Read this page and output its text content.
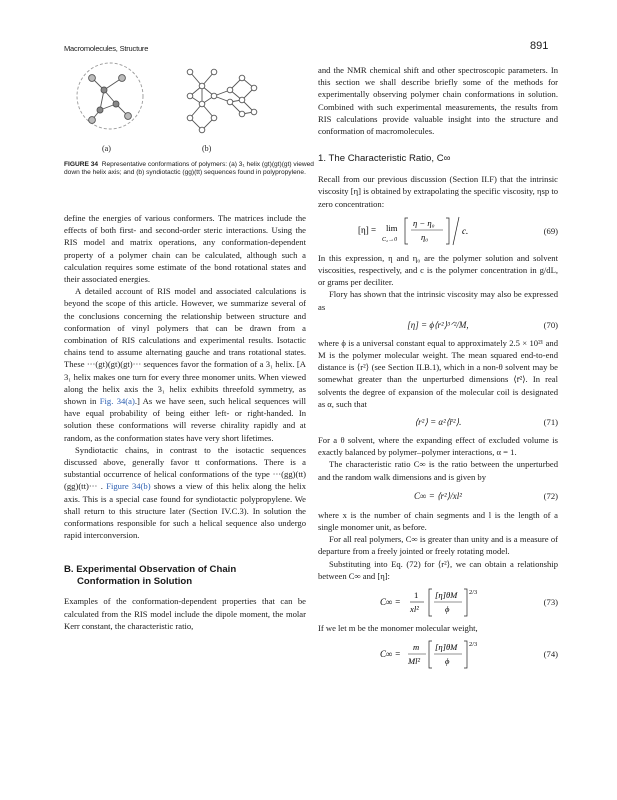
Macromolecules, Structure	891
(a)	(b)
FIGURE 34 Representative conformations of polymers: (a) 3₁ helix (gt)(gt)(gt) viewed down the helix axis; and (b) syndiotactic (gg)(tt) sequences found in polypropylene.

define the energies of various conformers. The matrices include the effects of both first- and second-order steric interactions. Using the RIS model and matrix operations, any conformation-dependent property of a polymer chain can be calculated, although such a calculation requires some estimate of the bond rotational states and their associated energies.

A detailed account of RIS model and associated calculations is beyond the scope of this article. However, we summarize several of the conclusions concerning the relationship between structure and conformation of vinyl polymers that can be drawn from a combination of RIS calculations and experimental results. Isotactic chains tend to assume alternating gauche and trans rotational states. These ···(gt)(gt)(gt)··· sequences favor the formation of a 3₁ helix. [A 3₁ helix makes one turn for every three monomer units. When viewed along the helix axis the 3₁ helix exhibits threefold symmetry, as shown in Fig. 34(a).] As we have seen, such helical sequences will have equal probability of being either left- or right-handed. In solution these conformations will reverse chirality rapidly and at random, as the conformation states have very short lifetimes.

Syndiotactic chains, in contrast to the isotactic sequences discussed above, generally favor tt conformations. There is a substantial occurrence of helical conformations of the type ···(gg)(tt) (gg)(tt)··· . Figure 34(b) shows a view of this helix along the helix axis. This is a special case found for syndiotactic polypropylene. We shall return to this structure later (Section IV.C.3). In solution the conformations responsible for such a helical sequence also undergo rapid interconversion.

B. Experimental Observation of Chain
Conformation in Solution

Examples of the conformation-dependent properties that can be calculated from the RIS model include the dipole moment, the molar Kerr constant, the characteristic ratio,

and the NMR chemical shift and other spectroscopic parameters. In this section we shall describe briefly some of the methods for experimentally observing polymer chain conformations in solution. Combined with such experimental measurements, the results from RIS calculations provide valuable insight into the structure and conformation of macromolecules.

1. The Characteristic Ratio, C∞

Recall from our previous discussion (Section II.F) that the intrinsic viscosity [η] is obtained by extrapolating the specific viscosity, ηsp to zero concentration:

[η] = lim
C₂→0
η − η₀
η₀
c.	(69)

In this expression, η and η₀ are the polymer solution and solvent viscosities, respectively, and c is the polymer concentration in g/dL, or grams per deciliter.

Flory has shown that the intrinsic viscosity may also be expressed as

[η] = ϕ⟨r²⟩³ᐟ²/M,	(70)

where ϕ is a universal constant equal to approximately 2.5 × 10²¹ and M is the polymer molecular weight. The mean squared end-to-end distance is ⟨r²⟩ (see Section II.B.1), which in a non-θ solvent may be somewhat greater than the unperturbed dimensions ⟨r̄²⟩. In real solvents the degree of expansion of the molecular coil is designated as α, such that

⟨r²⟩ = α²⟨r̄²⟩.	(71)

For a θ solvent, where the expanding effect of excluded volume is exactly balanced by polymer–polymer interactions, α = 1.

The characteristic ratio C∞ is the ratio between the unperturbed and the random walk dimensions and is given by

C∞ = ⟨r²⟩/xl²	(72)

where x is the number of chain segments and l is the length of a single monomer unit, as before.

For all real polymers, C∞ is greater than unity and is a measure of departure from a freely jointed or freely rotating model.

Substituting into Eq. (72) for ⟨r²⟩, we can obtain a relationship between C∞ and [η]:

C∞ =
1
xl²
[η]θM
ϕ
2/3
(73)

If we let m be the monomer molecular weight,

C∞ =
m
Ml²
[η]θM
ϕ
2/3
(74)
